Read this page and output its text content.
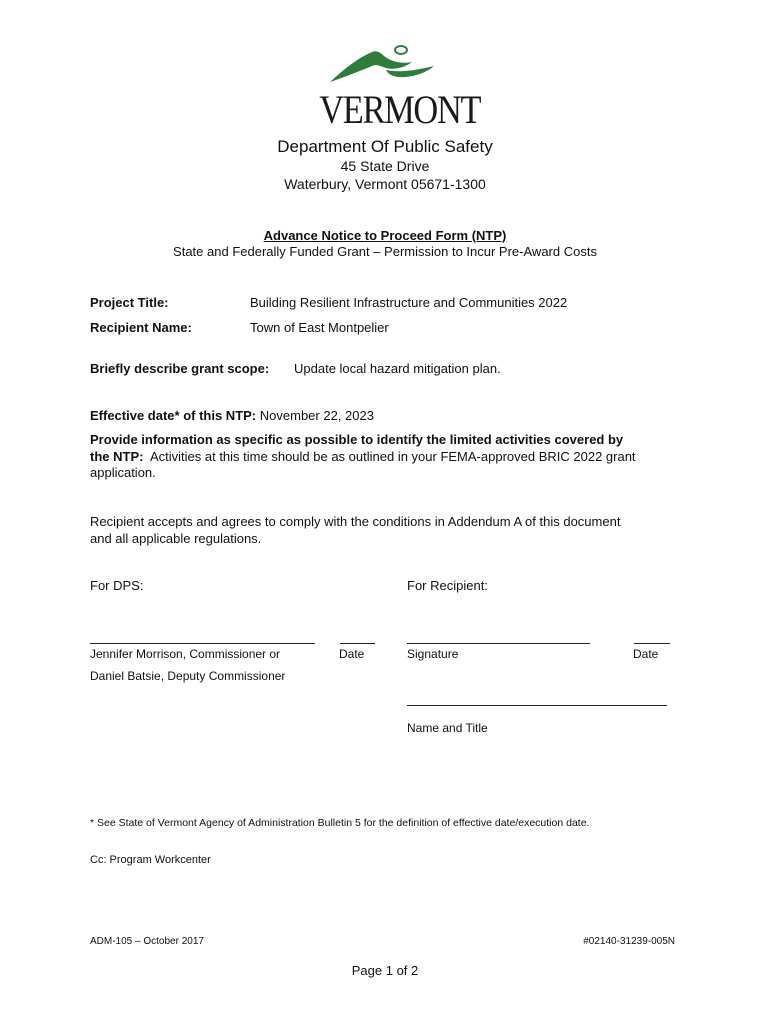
VERMONT
Department Of Public Safety
45 State Drive
Waterbury, Vermont 05671-1300
Advance Notice to Proceed Form (NTP)
State and Federally Funded Grant – Permission to Incur Pre-Award Costs
Project Title:	Building Resilient Infrastructure and Communities 2022
Recipient Name:	Town of East Montpelier
Briefly describe grant scope: Update local hazard mitigation plan.
Effective date* of this NTP: November 22, 2023
Provide information as specific as possible to identify the limited activities covered by
the NTP: Activities at this time should be as outlined in your FEMA-approved BRIC 2022 grant
application.
Recipient accepts and agrees to comply with the conditions in Addendum A of this document
and all applicable regulations.
For DPS:	For Recipient:
Jennifer Morrison, Commissioner or	Date	Signature	Date
Daniel Batsie, Deputy Commissioner
Name and Title
* See State of Vermont Agency of Administration Bulletin 5 for the definition of effective date/execution date.
Cc: Program Workcenter
ADM-105 – October 2017	#02140-31239-005N
Page 1 of 2
